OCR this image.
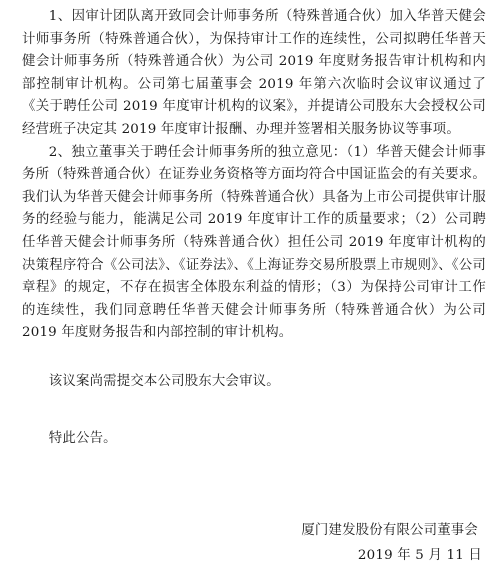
1、因审计团队离开致同会计师事务所（特殊普通合伙）加入华普天健会计师事务所（特殊普通合伙），为保持审计工作的连续性，公司拟聘任华普天健会计师事务所（特殊普通合伙）为公司 2019 年度财务报告审计机构和内部控制审计机构。公司第七届董事会 2019 年第六次临时会议审议通过了《关于聘任公司 2019 年度审计机构的议案》，并提请公司股东大会授权公司经营班子决定其 2019 年度审计报酬、办理并签署相关服务协议等事项。

2、独立董事关于聘任会计师事务所的独立意见：（1）华普天健会计师事务所（特殊普通合伙）在证券业务资格等方面均符合中国证监会的有关要求。我们认为华普天健会计师事务所（特殊普通合伙）具备为上市公司提供审计服务的经验与能力，能满足公司 2019 年度审计工作的质量要求；（2）公司聘任华普天健会计师事务所（特殊普通合伙）担任公司 2019 年度审计机构的决策程序符合《公司法》、《证券法》、《上海证券交易所股票上市规则》、《公司章程》的规定，不存在损害全体股东利益的情形；（3）为保持公司审计工作的连续性，我们同意聘任华普天健会计师事务所（特殊普通合伙）为公司 2019 年度财务报告和内部控制的审计机构。

该议案尚需提交本公司股东大会审议。

特此公告。

厦门建发股份有限公司董事会
2019 年 5 月 11 日
